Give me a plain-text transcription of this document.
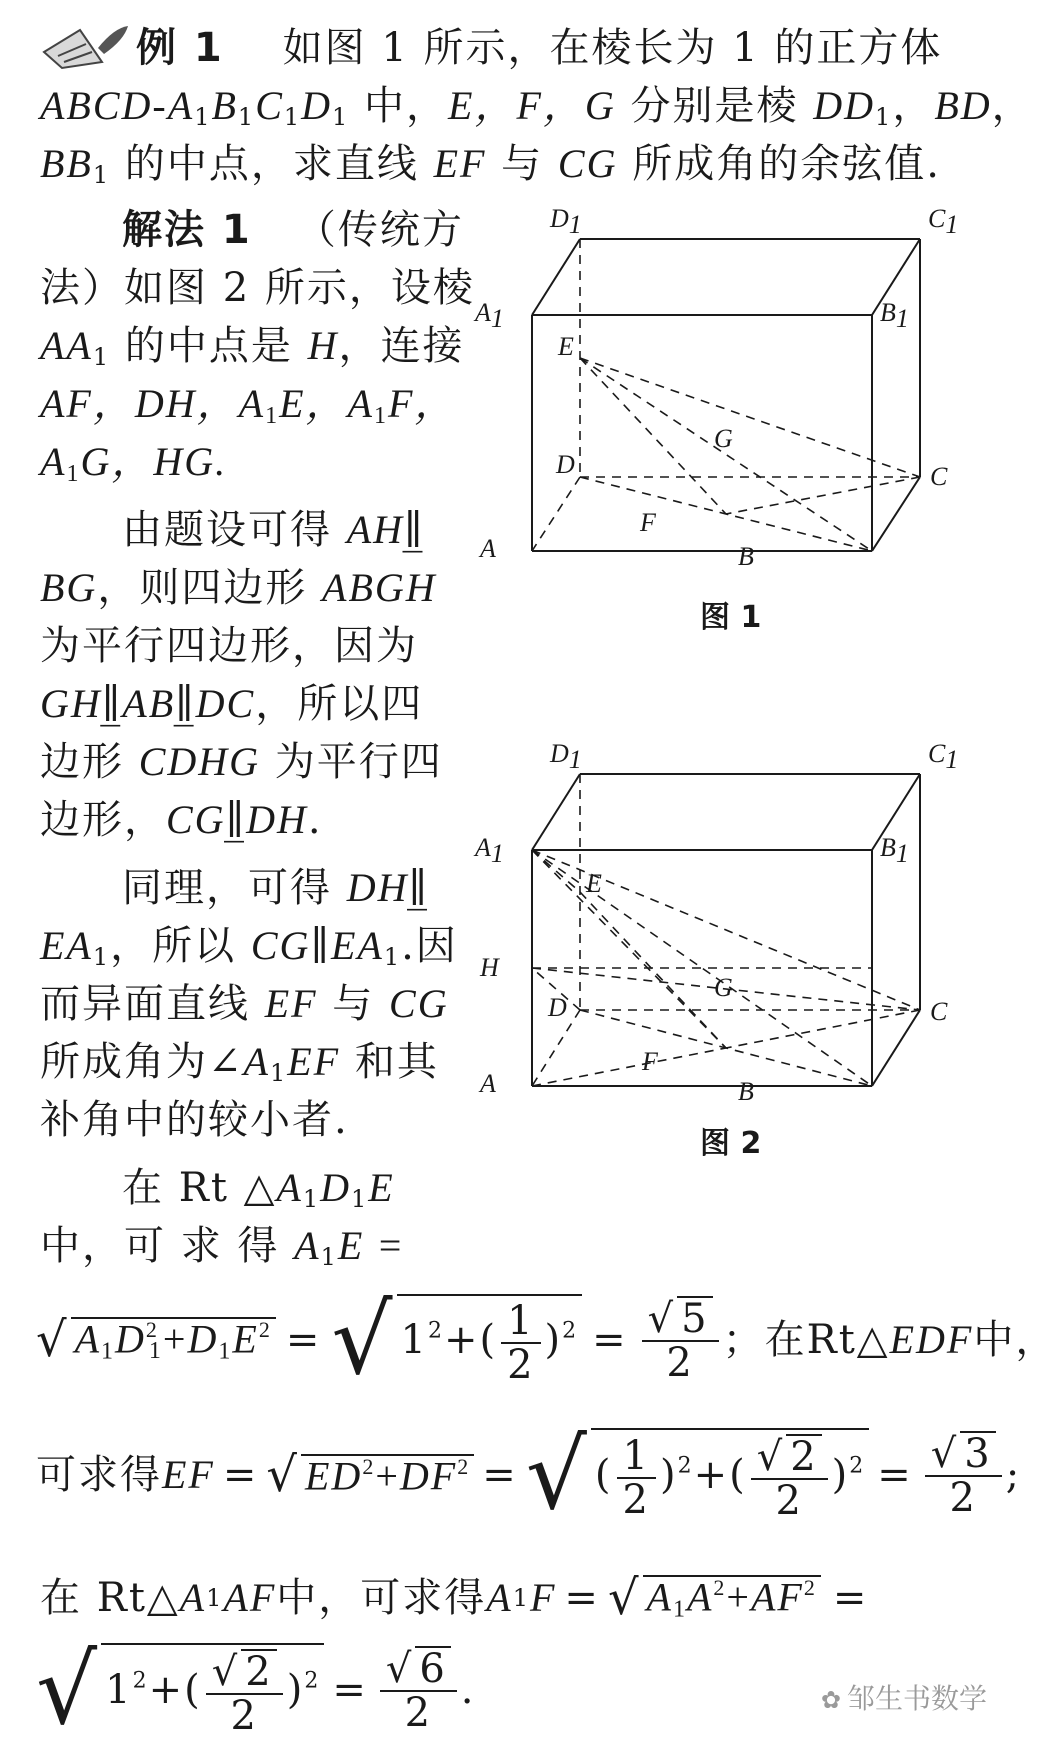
例 1 如图 1 所示，在棱长为 1 的正方体
ABCD-$A_1B_1C_1D_1$ 中，E，F，G 分别是棱 $DD_1$，BD，
$BB_1$ 的中点，求直线 EF 与 CG 所成角的余弦值.
解法 1 （传统方
法）如图 2 所示，设棱
$AA_1$ 的中点是 H，连接
AF，DH，$A_1E$，$A_1F$，
$A_1G$，HG.
由题设可得 AH∥̲
BG，则四边形 ABGH
为平行四边形，因为
GH∥̲AB∥̲DC，所以四
边形 CDHG 为平行四
边形，CG∥̲DH.
同理，可得 DH∥̲
$EA_1$，所以 $CG\parallel EA_1$.因
而异面直线 EF 与 CG
所成角为$\angle A_1EF$ 和其
补角中的较小者.
在 Rt $\triangle A_1D_1E$
中，可 求 得 $A_1E$ =
√ $A_1D^2_1+D_1E^2$ = √ $1^2+( \frac{1}{2} )^2 = \frac{√ 5}{2}$ ；在Rt△ EDF 中，
可求得 EF = √ $ED^2+DF^2$ = √ ( $\frac{1}{2} )^2+( \frac{√ 2}{2} )^2 = \frac{√ 3}{2}$ ;
在 Rt△ A 1 AF 中，可求得 A 1 F = √ $A_1A^2+AF^2$ =
√ $1^2+( \frac{√ 2}{2} )^2 = \frac{√ 6}{2}$ .
D1	C1
A1	B1
E
G
D	C
F
A	B
图 1
D1	C1
A1	B1
E
H
G
D	C
F
A	B
图 2
✿ 邹生书数学
